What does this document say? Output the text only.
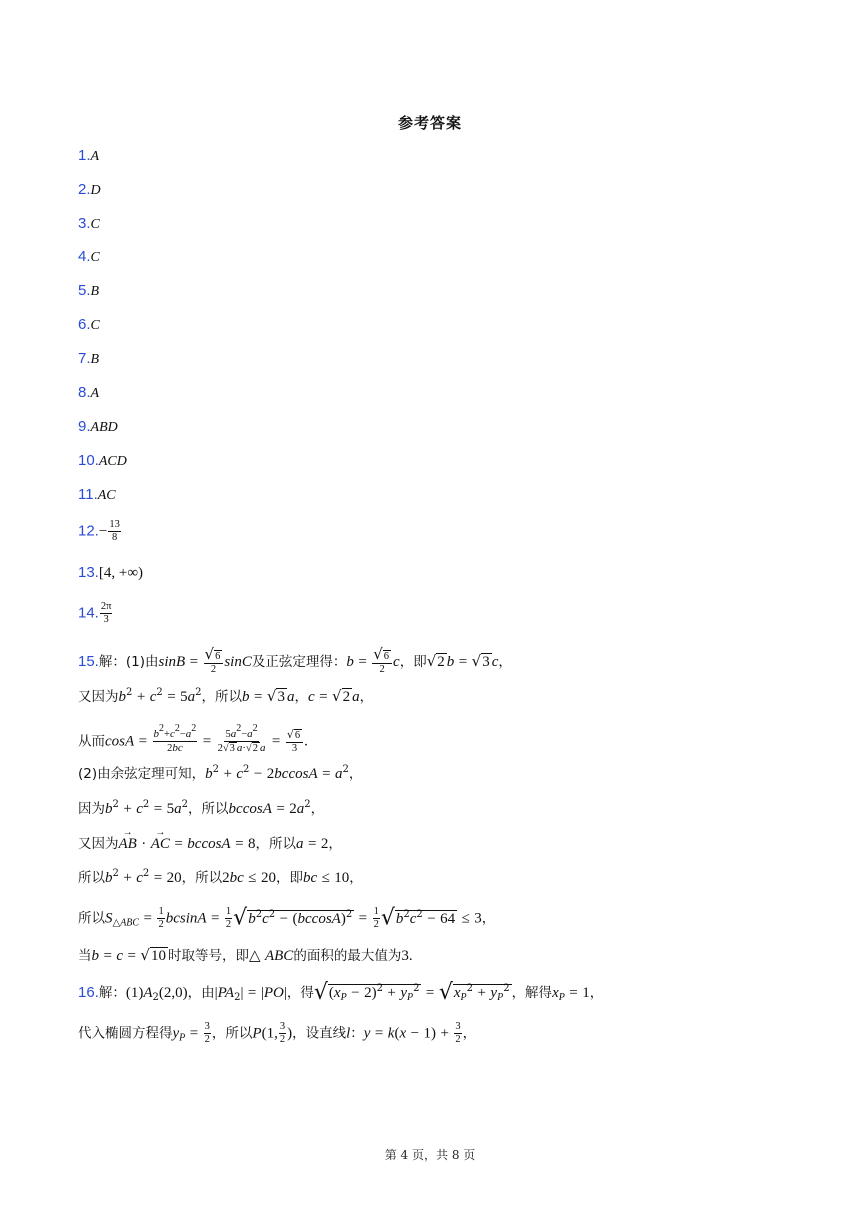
参考答案
1.A
2.D
3.C
4.C
5.B
6.C
7.B
8.A
9.ABD
10.ACD
11.AC
$12.- \frac{13}{8}$
13.[4, +∞)
14. $\frac{2\pi}{3}$
15.解：(1)由$\sin B = \frac{√6}{2}$ sinC及正弦定理得：$b = \frac{√6}{2}$ c，即√2 b = √3 c，
又因为$b^2 + c^2 = 5a^2$，所以b = √3 a，c = √2 a，
从而$\cos A = \frac{b^2+c^2-a^2}{2bc} = \frac{5a^2-a^2}{2√3 a\cdot√2 a} = \frac{√6}{3}$ .
(2)由余弦定理可知，$b^2 + c^2 - 2bccosA = a^2$，
因为$b^2 + c^2 = 5a^2$，所以$bccosA = 2a^2$，
又因为→ AB · → AC = bccosA = 8，所以a = 2，
所以$b^2 + c^2 = 20$，所以2bc ≤ 20，即bc ≤ 10，
所以$S_{\triangle ABC} = \frac{1}{2}$ $bcsinA = \frac{1}{2} √b^2c^2 - (bccosA)^2 = \frac{1}{2} √b^2c^2 - 64 \le 3$，
当b = c = √10 时取等号，即△ ABC的面积的最大值为3.
16.解：$(1)A_2(2,0)$，由$|PA_2| = |PO|$，得$√(x_P - 2)^2 + y_P^2 = √x_P^2 + y_P^2$ ，解得$x_P = 1$，
代入椭圆方程得$y_P = \frac{3}{2}$ ，所以P(1, $\frac{3}{2}$ )，设直线l：$y = k(x - 1) + \frac{3}{2}$ ，
第 4 页，共 8 页
